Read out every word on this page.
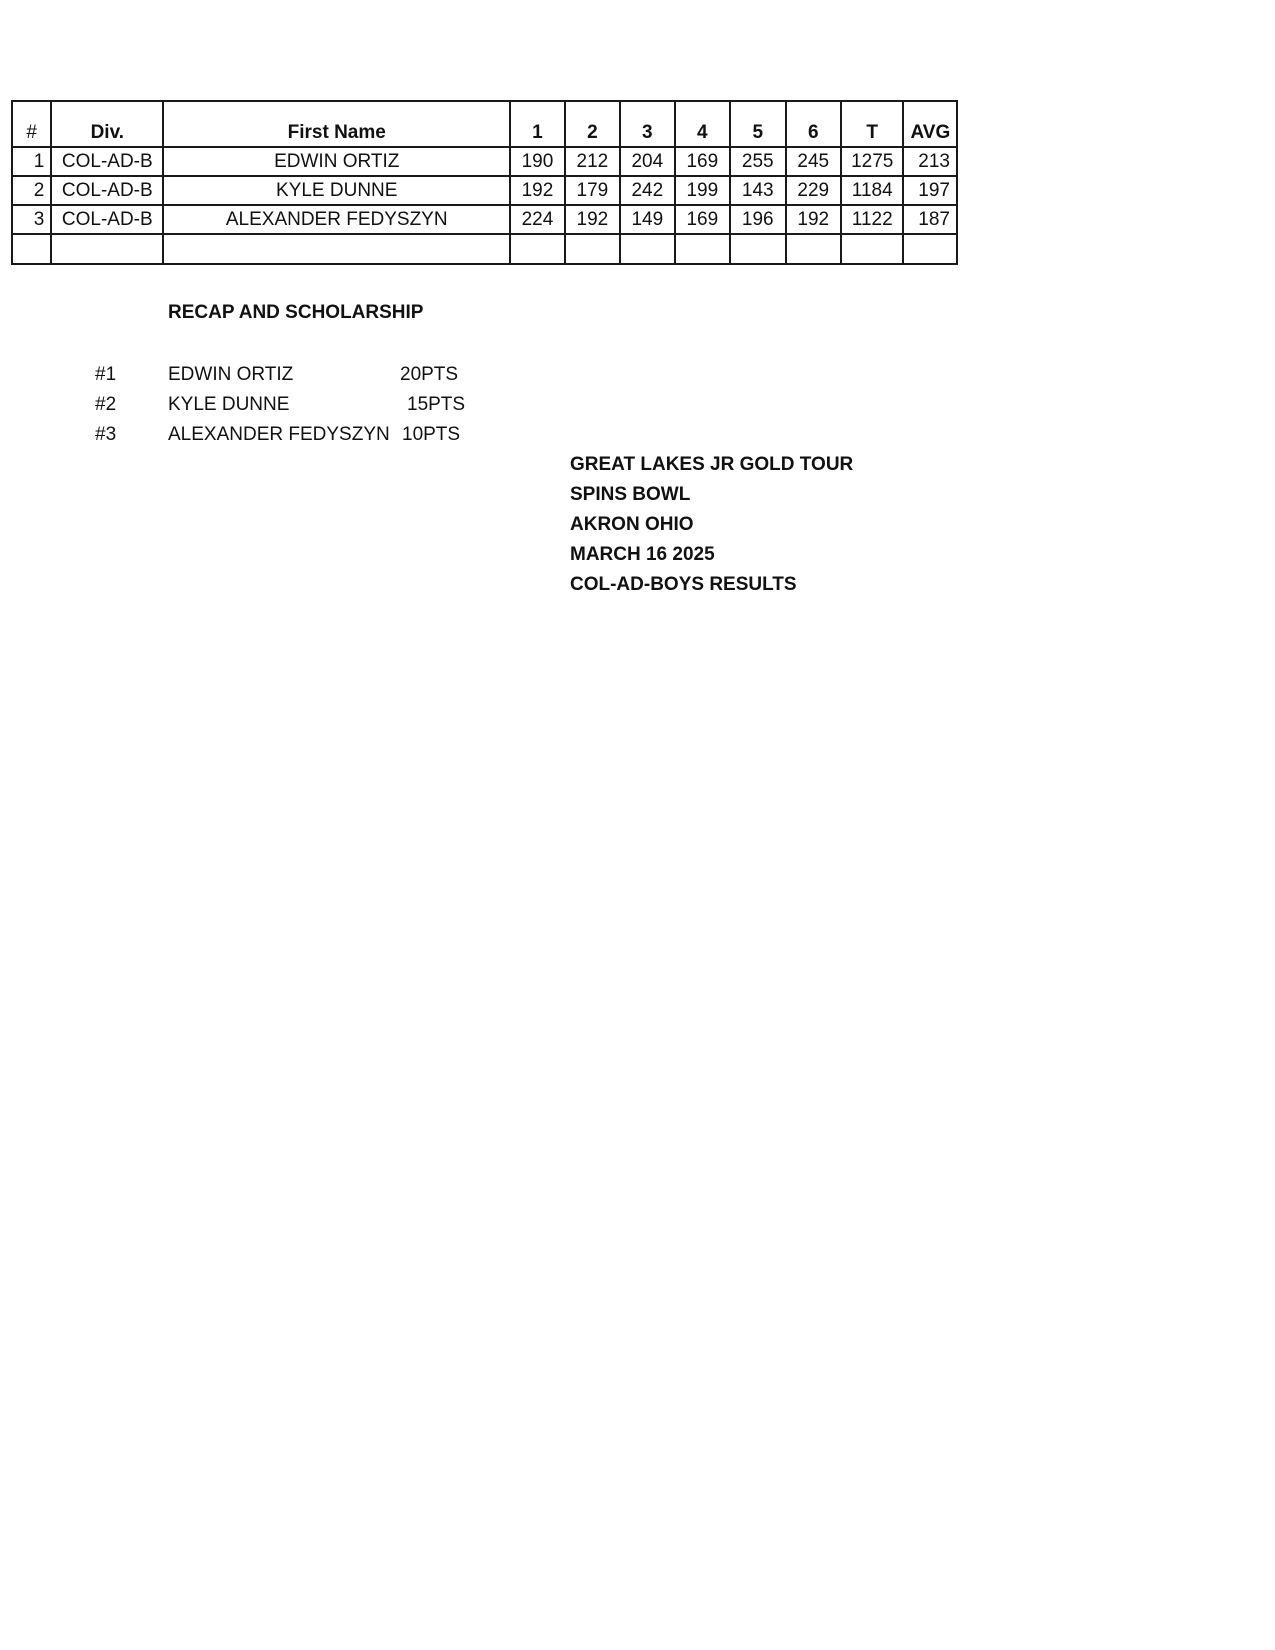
#	Div.	First Name	1	2	3	4	5	6	T	AVG
1	COL-AD-B	EDWIN ORTIZ	190	212	204	169	255	245	1275	213
2	COL-AD-B	KYLE DUNNE	192	179	242	199	143	229	1184	197
3	COL-AD-B	ALEXANDER FEDYSZYN	224	192	149	169	196	192	1122	187

RECAP AND SCHOLARSHIP
#1	EDWIN ORTIZ	20PTS
#2	KYLE DUNNE	15PTS
#3	ALEXANDER FEDYSZYN 10PTS
GREAT LAKES JR GOLD TOUR
SPINS BOWL
AKRON OHIO
MARCH 16 2025
COL-AD-BOYS RESULTS
